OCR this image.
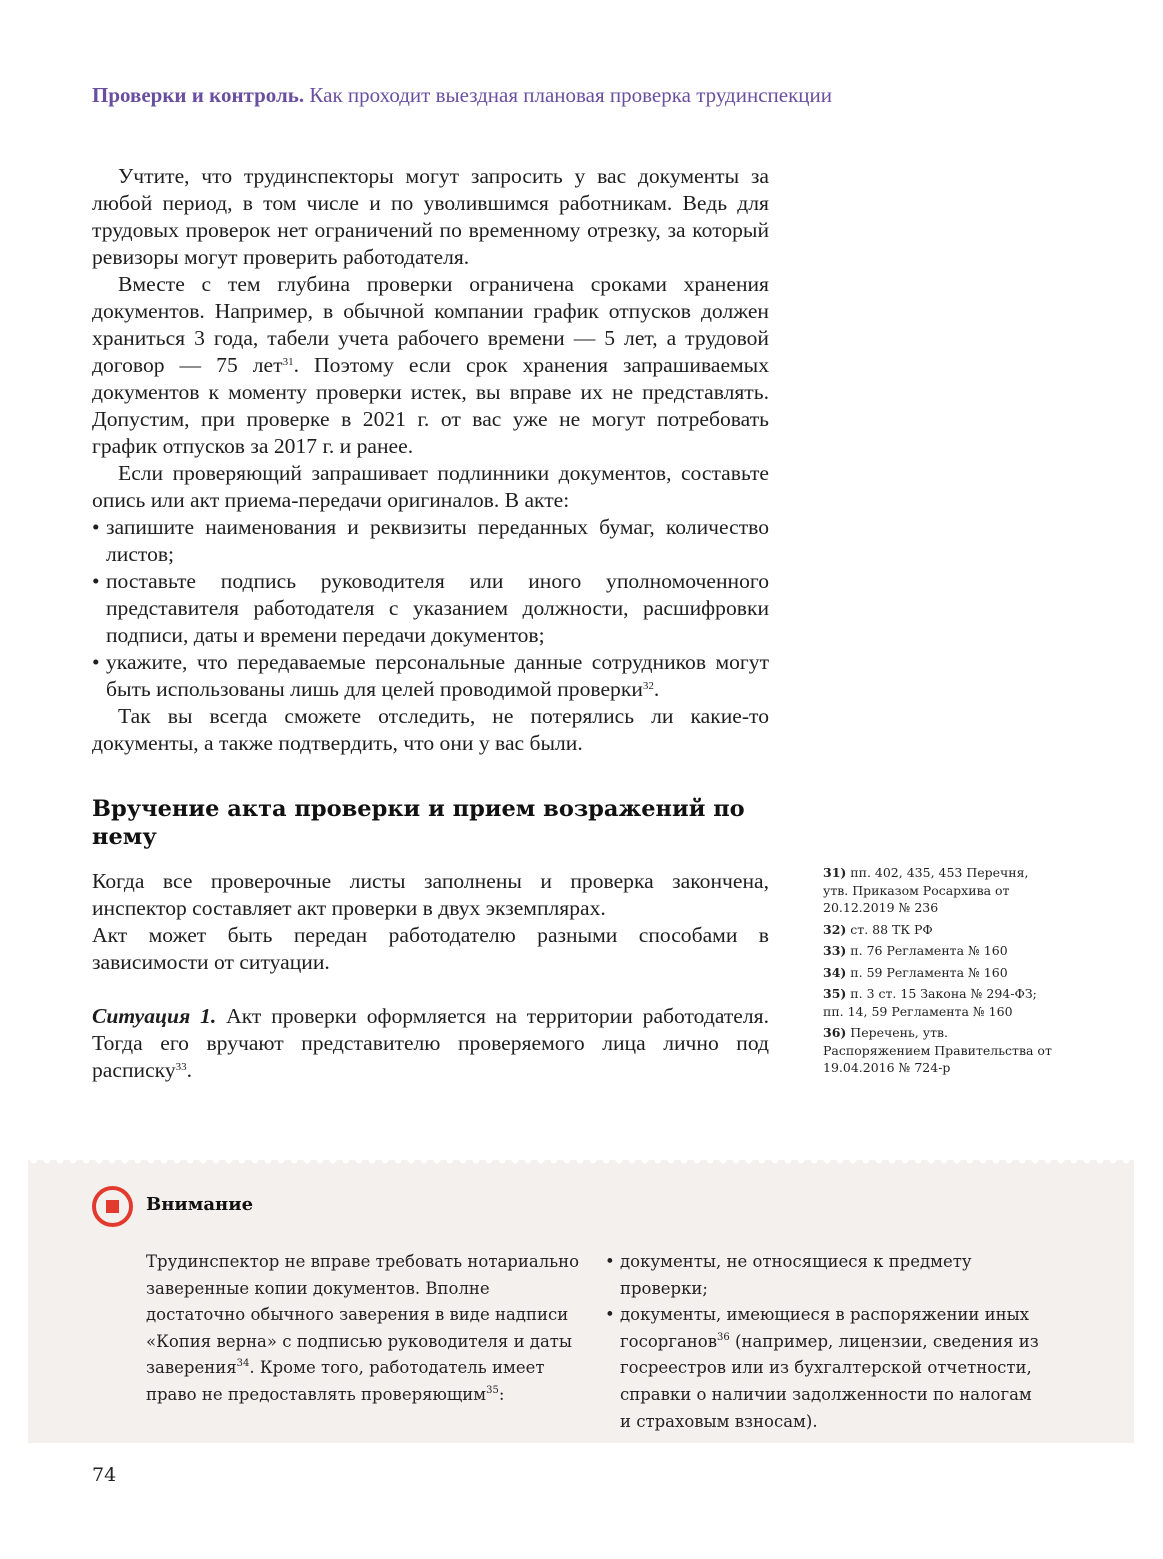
Проверки и контроль. Как проходит выездная плановая проверка трудинспекции

Учтите, что трудинспекторы могут запросить у вас документы за любой период, в том числе и по уволившимся работникам. Ведь для трудовых проверок нет ограничений по временному отрезку, за который ревизоры могут проверить работодателя.

Вместе с тем глубина проверки ограничена сроками хранения документов. Например, в обычной компании график отпусков должен храниться 3 года, табели учета рабочего времени — 5 лет, а трудовой договор — 75 лет$^{31}$. Поэтому если срок хранения запрашиваемых документов к моменту проверки истек, вы вправе их не представлять. Допустим, при проверке в 2021 г. от вас уже не могут потребовать график отпусков за 2017 г. и ранее.

Если проверяющий запрашивает подлинники документов, составьте опись или акт приема-передачи оригиналов. В акте:

• запишите наименования и реквизиты переданных бумаг, количество листов;
• поставьте подпись руководителя или иного уполномоченного представителя работодателя с указанием должности, расшифровки подписи, даты и времени передачи документов;
• укажите, что передаваемые персональные данные сотрудников могут быть использованы лишь для целей проводимой проверки$^{32}$.

Так вы всегда сможете отследить, не потерялись ли какие-то документы, а также подтвердить, что они у вас были.

Вручение акта проверки и прием возражений по нему

Когда все проверочные листы заполнены и проверка закончена, инспектор составляет акт проверки в двух экземплярах.

Акт может быть передан работодателю разными способами в зависимости от ситуации.

Ситуация 1. Акт проверки оформляется на территории работодателя. Тогда его вручают представителю проверяемого лица лично под расписку$^{33}$.

31) пп. 402, 435, 453 Перечня, утв. Приказом Росархива от 20.12.2019 № 236
32) ст. 88 ТК РФ
33) п. 76 Регламента № 160
34) п. 59 Регламента № 160
35) п. 3 ст. 15 Закона № 294-ФЗ; пп. 14, 59 Регламента № 160
36) Перечень, утв. Распоряжением Правительства от 19.04.2016 № 724-р
Внимание
Трудинспектор не вправе требовать нотариально заверенные копии документов. Вполне достаточно обычного заверения в виде надписи «Копия верна» с подписью руководителя и даты заверения$^{34}$. Кроме того, работодатель имеет право не предоставлять проверяющим$^{35}$:
• документы, не относящиеся к предмету проверки;
• документы, имеющиеся в распоряжении иных госорганов$^{36}$ (например, лицензии, сведения из госреестров или из бухгалтерской отчетности, справки о наличии задолженности по налогам и страховым взносам).
74
